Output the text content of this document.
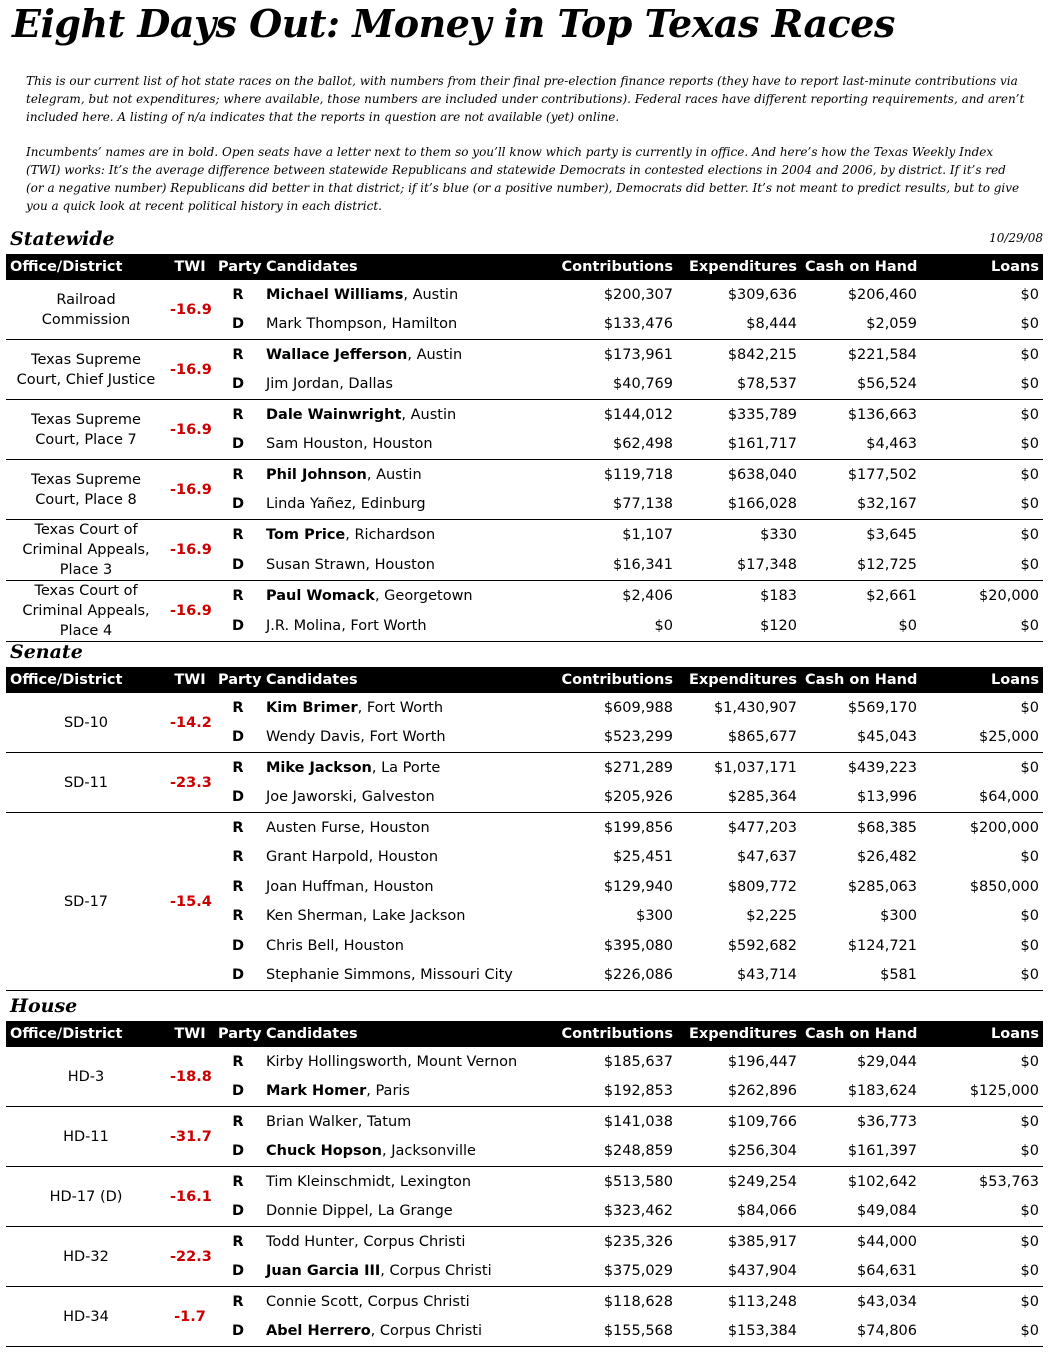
Eight Days Out: Money in Top Texas Races

This is our current list of hot state races on the ballot, with numbers from their final pre-election finance reports (they have to report last-minute contributions via telegram, but not expenditures; where available, those numbers are included under contributions). Federal races have different reporting requirements, and aren’t included here. A listing of n/a indicates that the reports in question are not available (yet) online.

Incumbents’ names are in bold. Open seats have a letter next to them so you’ll know which party is currently in office. And here’s how the Texas Weekly Index (TWI) works: It’s the average difference between statewide Republicans and statewide Democrats in contested elections in 2004 and 2006, by district. If it’s red (or a negative number) Republicans did better in that district; if it’s blue (or a positive number), Democrats did better. It’s not meant to predict results, but to give you a quick look at recent political history in each district.

Statewide	10/29/08
Office/District	TWI	Party	Candidates	Contributions	Expenditures	Cash on Hand	Loans
Railroad Commission	-16.9	R	Michael Williams, Austin	$200,307	$309,636	$206,460	$0
		D	Mark Thompson, Hamilton	$133,476	$8,444	$2,059	$0
Texas Supreme Court, Chief Justice	-16.9	R	Wallace Jefferson, Austin	$173,961	$842,215	$221,584	$0
		D	Jim Jordan, Dallas	$40,769	$78,537	$56,524	$0
Texas Supreme Court, Place 7	-16.9	R	Dale Wainwright, Austin	$144,012	$335,789	$136,663	$0
		D	Sam Houston, Houston	$62,498	$161,717	$4,463	$0
Texas Supreme Court, Place 8	-16.9	R	Phil Johnson, Austin	$119,718	$638,040	$177,502	$0
		D	Linda Yañez, Edinburg	$77,138	$166,028	$32,167	$0
Texas Court of Criminal Appeals, Place 3	-16.9	R	Tom Price, Richardson	$1,107	$330	$3,645	$0
		D	Susan Strawn, Houston	$16,341	$17,348	$12,725	$0
Texas Court of Criminal Appeals, Place 4	-16.9	R	Paul Womack, Georgetown	$2,406	$183	$2,661	$20,000
		D	J.R. Molina, Fort Worth	$0	$120	$0	$0
Senate
Office/District	TWI	Party	Candidates	Contributions	Expenditures	Cash on Hand	Loans
SD-10	-14.2	R	Kim Brimer, Fort Worth	$609,988	$1,430,907	$569,170	$0
		D	Wendy Davis, Fort Worth	$523,299	$865,677	$45,043	$25,000
SD-11	-23.3	R	Mike Jackson, La Porte	$271,289	$1,037,171	$439,223	$0
		D	Joe Jaworski, Galveston	$205,926	$285,364	$13,996	$64,000
SD-17	-15.4	R	Austen Furse, Houston	$199,856	$477,203	$68,385	$200,000
		R	Grant Harpold, Houston	$25,451	$47,637	$26,482	$0
		R	Joan Huffman, Houston	$129,940	$809,772	$285,063	$850,000
		R	Ken Sherman, Lake Jackson	$300	$2,225	$300	$0
		D	Chris Bell, Houston	$395,080	$592,682	$124,721	$0
		D	Stephanie Simmons, Missouri City	$226,086	$43,714	$581	$0
House
Office/District	TWI	Party	Candidates	Contributions	Expenditures	Cash on Hand	Loans
HD-3	-18.8	R	Kirby Hollingsworth, Mount Vernon	$185,637	$196,447	$29,044	$0
		D	Mark Homer, Paris	$192,853	$262,896	$183,624	$125,000
HD-11	-31.7	R	Brian Walker, Tatum	$141,038	$109,766	$36,773	$0
		D	Chuck Hopson, Jacksonville	$248,859	$256,304	$161,397	$0
HD-17 (D)	-16.1	R	Tim Kleinschmidt, Lexington	$513,580	$249,254	$102,642	$53,763
		D	Donnie Dippel, La Grange	$323,462	$84,066	$49,084	$0
HD-32	-22.3	R	Todd Hunter, Corpus Christi	$235,326	$385,917	$44,000	$0
		D	Juan Garcia III, Corpus Christi	$375,029	$437,904	$64,631	$0
HD-34	-1.7	R	Connie Scott, Corpus Christi	$118,628	$113,248	$43,034	$0
		D	Abel Herrero, Corpus Christi	$155,568	$153,384	$74,806	$0
